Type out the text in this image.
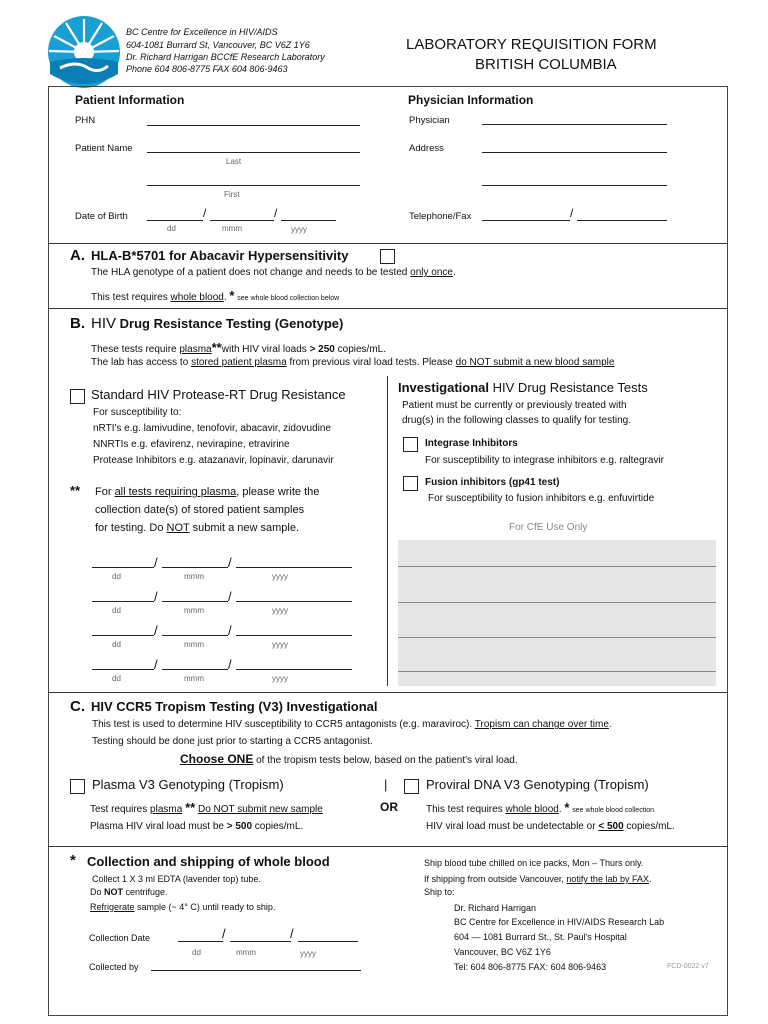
BC Centre for Excellence in HIV/AIDS
604-1081 Burrard St, Vancouver, BC V6Z 1Y6
Dr. Richard Harrigan BCCfE Research Laboratory
Phone 604 806-8775 FAX 604 806-9463
LABORATORY REQUISITION FORM
BRITISH COLUMBIA
Patient Information
PHN
Patient Name
Last
First
Date of Birth	/	/
dd	mmm	yyyy
Physician Information
Physician
Address
Telephone/Fax	/
A. HLA-B*5701 for Abacavir Hypersensitivity
The HLA genotype of a patient does not change and needs to be tested only once.
This test requires whole blood. * see whole blood collection below
B. HIV Drug Resistance Testing (Genotype)
These tests require plasma**with HIV viral loads > 250 copies/mL.
The lab has access to stored patient plasma from previous viral load tests. Please do NOT submit a new blood sample
Standard HIV Protease-RT Drug Resistance
For susceptibility to:
nRTI's e.g. lamivudine, tenofovir, abacavir, zidovudine
NNRTIs e.g. efavirenz, nevirapine, etravirine
Protease Inhibitors e.g. atazanavir, lopinavir, darunavir
** For all tests requiring plasma, please write the
collection date(s) of stored patient samples
for testing. Do NOT submit a new sample.
/	/
dd	mmm	yyyy
/	/
dd	mmm	yyyy
/	/
dd	mmm	yyyy
/	/
dd	mmm	yyyy
Investigational HIV Drug Resistance Tests
Patient must be currently or previously treated with
drug(s) in the following classes to qualify for testing.
Integrase Inhibitors
For susceptibility to integrase inhibitors e.g. raltegravir
Fusion inhibitors (gp41 test)
For susceptibility to fusion inhibitors e.g. enfuvirtide
For CfE Use Only
C. HIV CCR5 Tropism Testing (V3) Investigational
This test is used to determine HIV susceptibility to CCR5 antagonists (e.g. maraviroc). Tropism can change over time.
Testing should be done just prior to starting a CCR5 antagonist.
Choose ONE of the tropism tests below, based on the patient's viral load.
Plasma V3 Genotyping (Tropism)
Test requires plasma ** Do NOT submit new sample
Plasma HIV viral load must be > 500 copies/mL.
|
OR
Proviral DNA V3 Genotyping (Tropism)
This test requires whole blood. * see whole blood collection
HIV viral load must be undetectable or < 500 copies/mL.
* Collection and shipping of whole blood
Collect 1 X 3 ml EDTA (lavender top) tube.
Do NOT centrifuge.
Refrigerate sample (~ 4° C) until ready to ship.
Collection Date	/	/
dd	mmm	yyyy
Collected by
Ship blood tube chilled on ice packs, Mon – Thurs only.
If shipping from outside Vancouver, notify the lab by FAX.
Ship to:
Dr. Richard Harrigan
BC Centre for Excellence in HIV/AIDS Research Lab
604 — 1081 Burrard St., St. Paul's Hospital
Vancouver, BC V6Z 1Y6
Tel: 604 806-8775 FAX: 604 806-9463	FCD-0022 v7
